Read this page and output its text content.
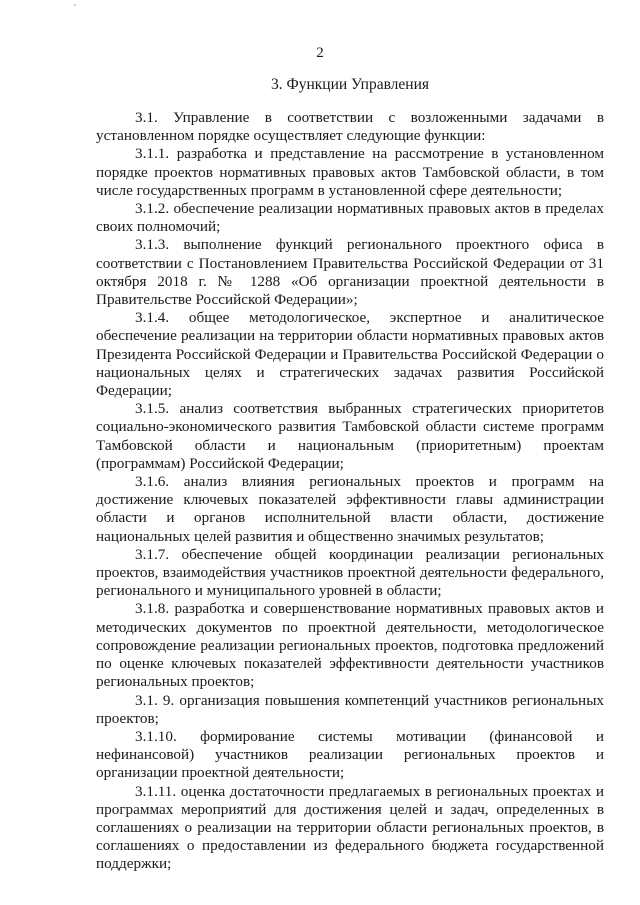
2
3. Функции Управления

3.1. Управление в соответствии с возложенными задачами в установленном порядке осуществляет следующие функции:

3.1.1. разработка и представление на рассмотрение в установленном порядке проектов нормативных правовых актов Тамбовской области, в том числе государственных программ в установленной сфере деятельности;

3.1.2. обеспечение реализации нормативных правовых актов в пределах своих полномочий;

3.1.3. выполнение функций регионального проектного офиса в соответствии с Постановлением Правительства Российской Федерации от 31 октября 2018 г. № 1288 «Об организации проектной деятельности в Правительстве Российской Федерации»;

3.1.4. общее методологическое, экспертное и аналитическое обеспечение реализации на территории области нормативных правовых актов Президента Российской Федерации и Правительства Российской Федерации о национальных целях и стратегических задачах развития Российской Федерации;

3.1.5. анализ соответствия выбранных стратегических приоритетов социально-экономического развития Тамбовской области системе программ Тамбовской области и национальным (приоритетным) проектам (программам) Российской Федерации;

3.1.6. анализ влияния региональных проектов и программ на достижение ключевых показателей эффективности главы администрации области и органов исполнительной власти области, достижение национальных целей развития и общественно значимых результатов;

3.1.7. обеспечение общей координации реализации региональных проектов, взаимодействия участников проектной деятельности федерального, регионального и муниципального уровней в области;

3.1.8. разработка и совершенствование нормативных правовых актов и методических документов по проектной деятельности, методологическое сопровождение реализации региональных проектов, подготовка предложений по оценке ключевых показателей эффективности деятельности участников региональных проектов;

3.1. 9. организация повышения компетенций участников региональных проектов;

3.1.10. формирование системы мотивации (финансовой и нефинансовой) участников реализации региональных проектов и организации проектной деятельности;

3.1.11. оценка достаточности предлагаемых в региональных проектах и программах мероприятий для достижения целей и задач, определенных в соглашениях о реализации на территории области региональных проектов, в соглашениях о предоставлении из федерального бюджета государственной поддержки;
